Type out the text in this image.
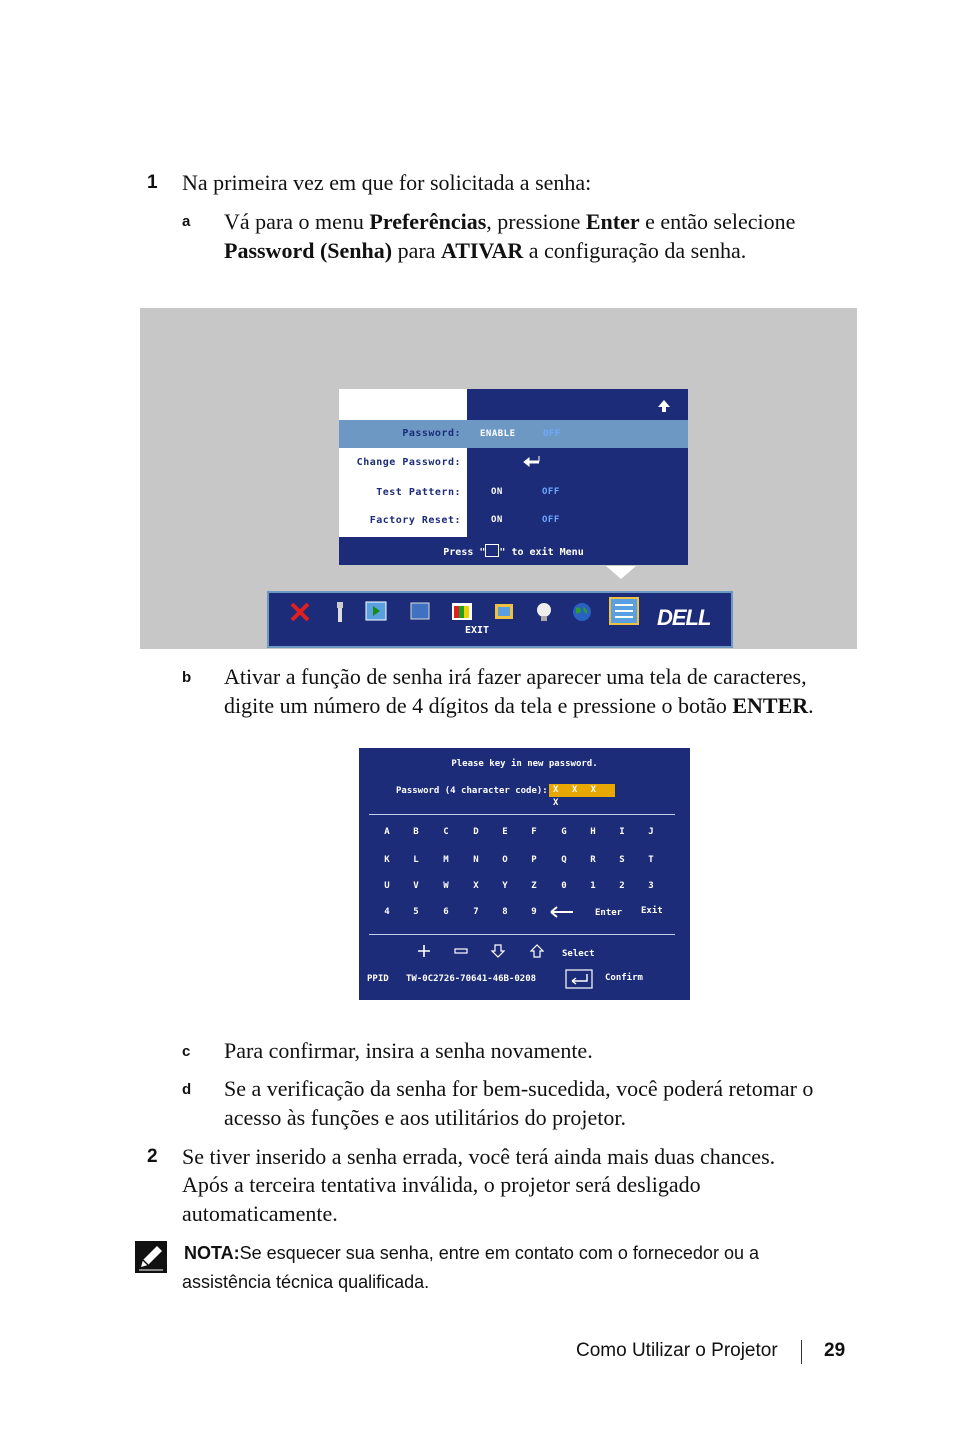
1 Na primeira vez em que for solicitada a senha:
a Vá para o menu Preferências, pressione Enter e então selecione
Password (Senha) para ATIVAR a configuração da senha.
Password: ENABLE	OFF
Change Password:
Test Pattern:	ON	OFF
Factory Reset:	ON	OFF
Press " " to exit Menu
EXIT
DELL
b Ativar a função de senha irá fazer aparecer uma tela de caracteres,
digite um número de 4 dígitos da tela e pressione o botão ENTER.
Please key in new password.
Password (4 character code): X X X X
A	B	C	D	E	F	G	H	I	J
K	L	M	N	O	P	Q	R	S	T
U	V	W	X	Y	Z	0	1	2	3
4	5	6	7	8	9	Enter Exit
Select
PPID TW-0C2726-70641-46B-0208	Confirm
c Para confirmar, insira a senha novamente.
d Se a verificação da senha for bem-sucedida, você poderá retomar o
acesso às funções e aos utilitários do projetor.
2 Se tiver inserido a senha errada, você terá ainda mais duas chances.
Após a terceira tentativa inválida, o projetor será desligado
automaticamente.
NOTA:Se esquecer sua senha, entre em contato com o fornecedor ou a
assistência técnica qualificada.
Como Utilizar o Projetor 29
